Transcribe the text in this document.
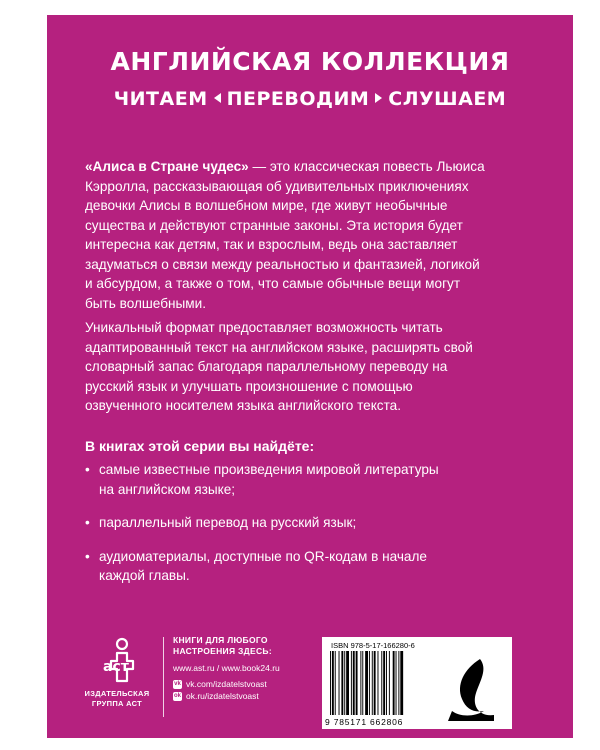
АНГЛИЙСКАЯ КОЛЛЕКЦИЯ
ЧИТАЕМ ПЕРЕВОДИМ СЛУШАЕМ
«Алиса в Стране чудес» — это классическая повесть Льюиса
Кэрролла, рассказывающая об удивительных приключениях
девочки Алисы в волшебном мире, где живут необычные
существа и действуют странные законы. Эта история будет
интересна как детям, так и взрослым, ведь она заставляет
задуматься о связи между реальностью и фантазией, логикой
и абсурдом, а также о том, что самые обычные вещи могут
быть волшебными.
Уникальный формат предоставляет возможность читать
адаптированный текст на английском языке, расширять свой
словарный запас благодаря параллельному переводу на
русский язык и улучшать произношение с помощью
озвученного носителем языка английского текста.
В книгах этой серии вы найдёте:
• самые известные произведения мировой литературы
на английском языке;
• параллельный перевод на русский язык;
• аудиоматериалы, доступные по QR-кодам в начале
каждой главы.
аст
ИЗДАТЕЛЬСКАЯ
ГРУППА АСТ
КНИГИ ДЛЯ ЛЮБОГО
НАСТРОЕНИЯ ЗДЕСЬ:
www.ast.ru / www.book24.ru
vk vk.com/izdatelstvoast
ok ok.ru/izdatelstvoast
ISBN 978-5-17-166280-6
9 785171 662806
